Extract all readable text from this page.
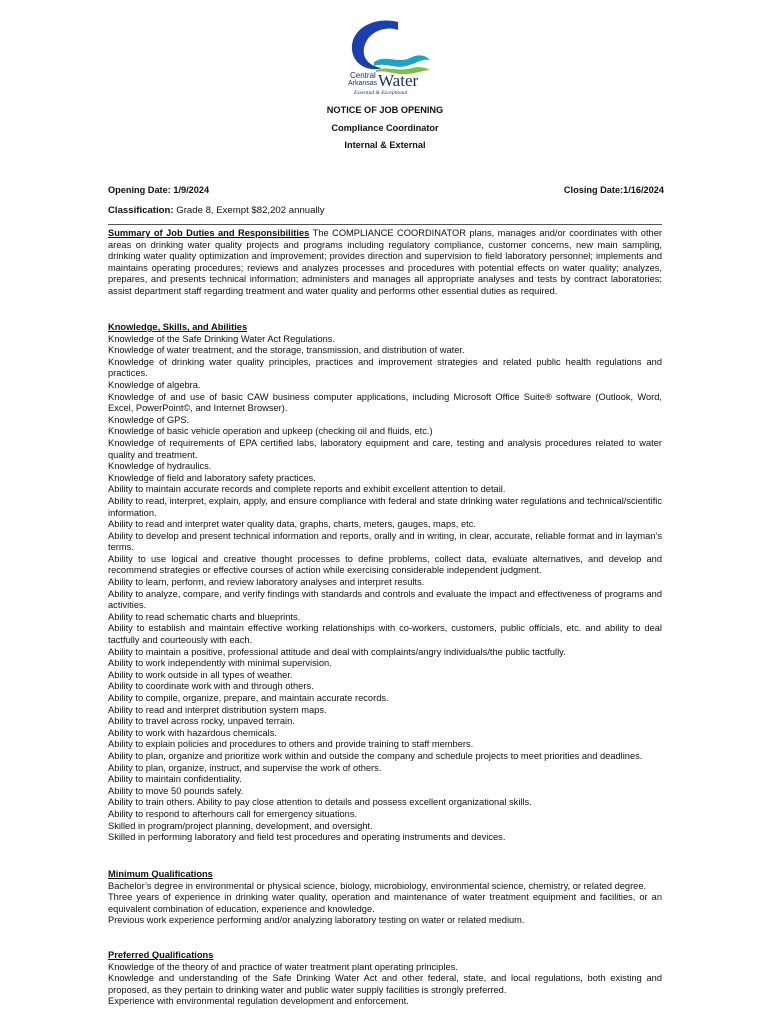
Central
Arkansas Water
Essential & Exceptional
NOTICE OF JOB OPENING
Compliance Coordinator
Internal & External
Opening Date: 1/9/2024	Closing Date:1/16/2024
Classification: Grade 8, Exempt $82,202 annually
Summary of Job Duties and Responsibilities The COMPLIANCE COORDINATOR plans, manages and/or coordinates with other areas on drinking water quality projects and programs including regulatory compliance, customer concerns, new main sampling, drinking water quality optimization and improvement; provides direction and supervision to field laboratory personnel; implements and maintains operating procedures; reviews and analyzes processes and procedures with potential effects on water quality; analyzes, prepares, and presents technical information; administers and manages all appropriate analyses and tests by contract laboratories; assist department staff regarding treatment and water quality and performs other essential duties as required.

Knowledge, Skills, and Abilities

Knowledge of the Safe Drinking Water Act Regulations.

Knowledge of water treatment, and the storage, transmission, and distribution of water.

Knowledge of drinking water quality principles, practices and improvement strategies and related public health regulations and practices.

Knowledge of algebra.

Knowledge of and use of basic CAW business computer applications, including Microsoft Office Suite® software (Outlook, Word, Excel, PowerPoint©, and Internet Browser).

Knowledge of GPS.

Knowledge of basic vehicle operation and upkeep (checking oil and fluids, etc.)

Knowledge of requirements of EPA certified labs, laboratory equipment and care, testing and analysis procedures related to water quality and treatment.

Knowledge of hydraulics.

Knowledge of field and laboratory safety practices.

Ability to maintain accurate records and complete reports and exhibit excellent attention to detail.

Ability to read, interpret, explain, apply, and ensure compliance with federal and state drinking water regulations and technical/scientific information.

Ability to read and interpret water quality data, graphs, charts, meters, gauges, maps, etc.

Ability to develop and present technical information and reports, orally and in writing, in clear, accurate, reliable format and in layman’s terms.

Ability to use logical and creative thought processes to define problems, collect data, evaluate alternatives, and develop and recommend strategies or effective courses of action while exercising considerable independent judgment.

Ability to learn, perform, and review laboratory analyses and interpret results.

Ability to analyze, compare, and verify findings with standards and controls and evaluate the impact and effectiveness of programs and activities.

Ability to read schematic charts and blueprints.

Ability to establish and maintain effective working relationships with co-workers, customers, public officials, etc. and ability to deal tactfully and courteously with each.

Ability to maintain a positive, professional attitude and deal with complaints/angry individuals/the public tactfully.

Ability to work independently with minimal supervision.

Ability to work outside in all types of weather.

Ability to coordinate work with and through others.

Ability to compile, organize, prepare, and maintain accurate records.

Ability to read and interpret distribution system maps.

Ability to travel across rocky, unpaved terrain.

Ability to work with hazardous chemicals.

Ability to explain policies and procedures to others and provide training to staff members.

Ability to plan, organize and prioritize work within and outside the company and schedule projects to meet priorities and deadlines.

Ability to plan, organize, instruct, and supervise the work of others.

Ability to maintain confidentiality.

Ability to move 50 pounds safely.

Ability to train others. Ability to pay close attention to details and possess excellent organizational skills.

Ability to respond to afterhours call for emergency situations.

Skilled in program/project planning, development, and oversight.

Skilled in performing laboratory and field test procedures and operating instruments and devices.

Minimum Qualifications

Bachelor’s degree in environmental or physical science, biology, microbiology, environmental science, chemistry, or related degree.

Three years of experience in drinking water quality, operation and maintenance of water treatment equipment and facilities, or an equivalent combination of education, experience and knowledge.

Previous work experience performing and/or analyzing laboratory testing on water or related medium.

Preferred Qualifications

Knowledge of the theory of and practice of water treatment plant operating principles.

Knowledge and understanding of the Safe Drinking Water Act and other federal, state, and local regulations, both existing and proposed, as they pertain to drinking water and public water supply facilities is strongly preferred.

Experience with environmental regulation development and enforcement.
